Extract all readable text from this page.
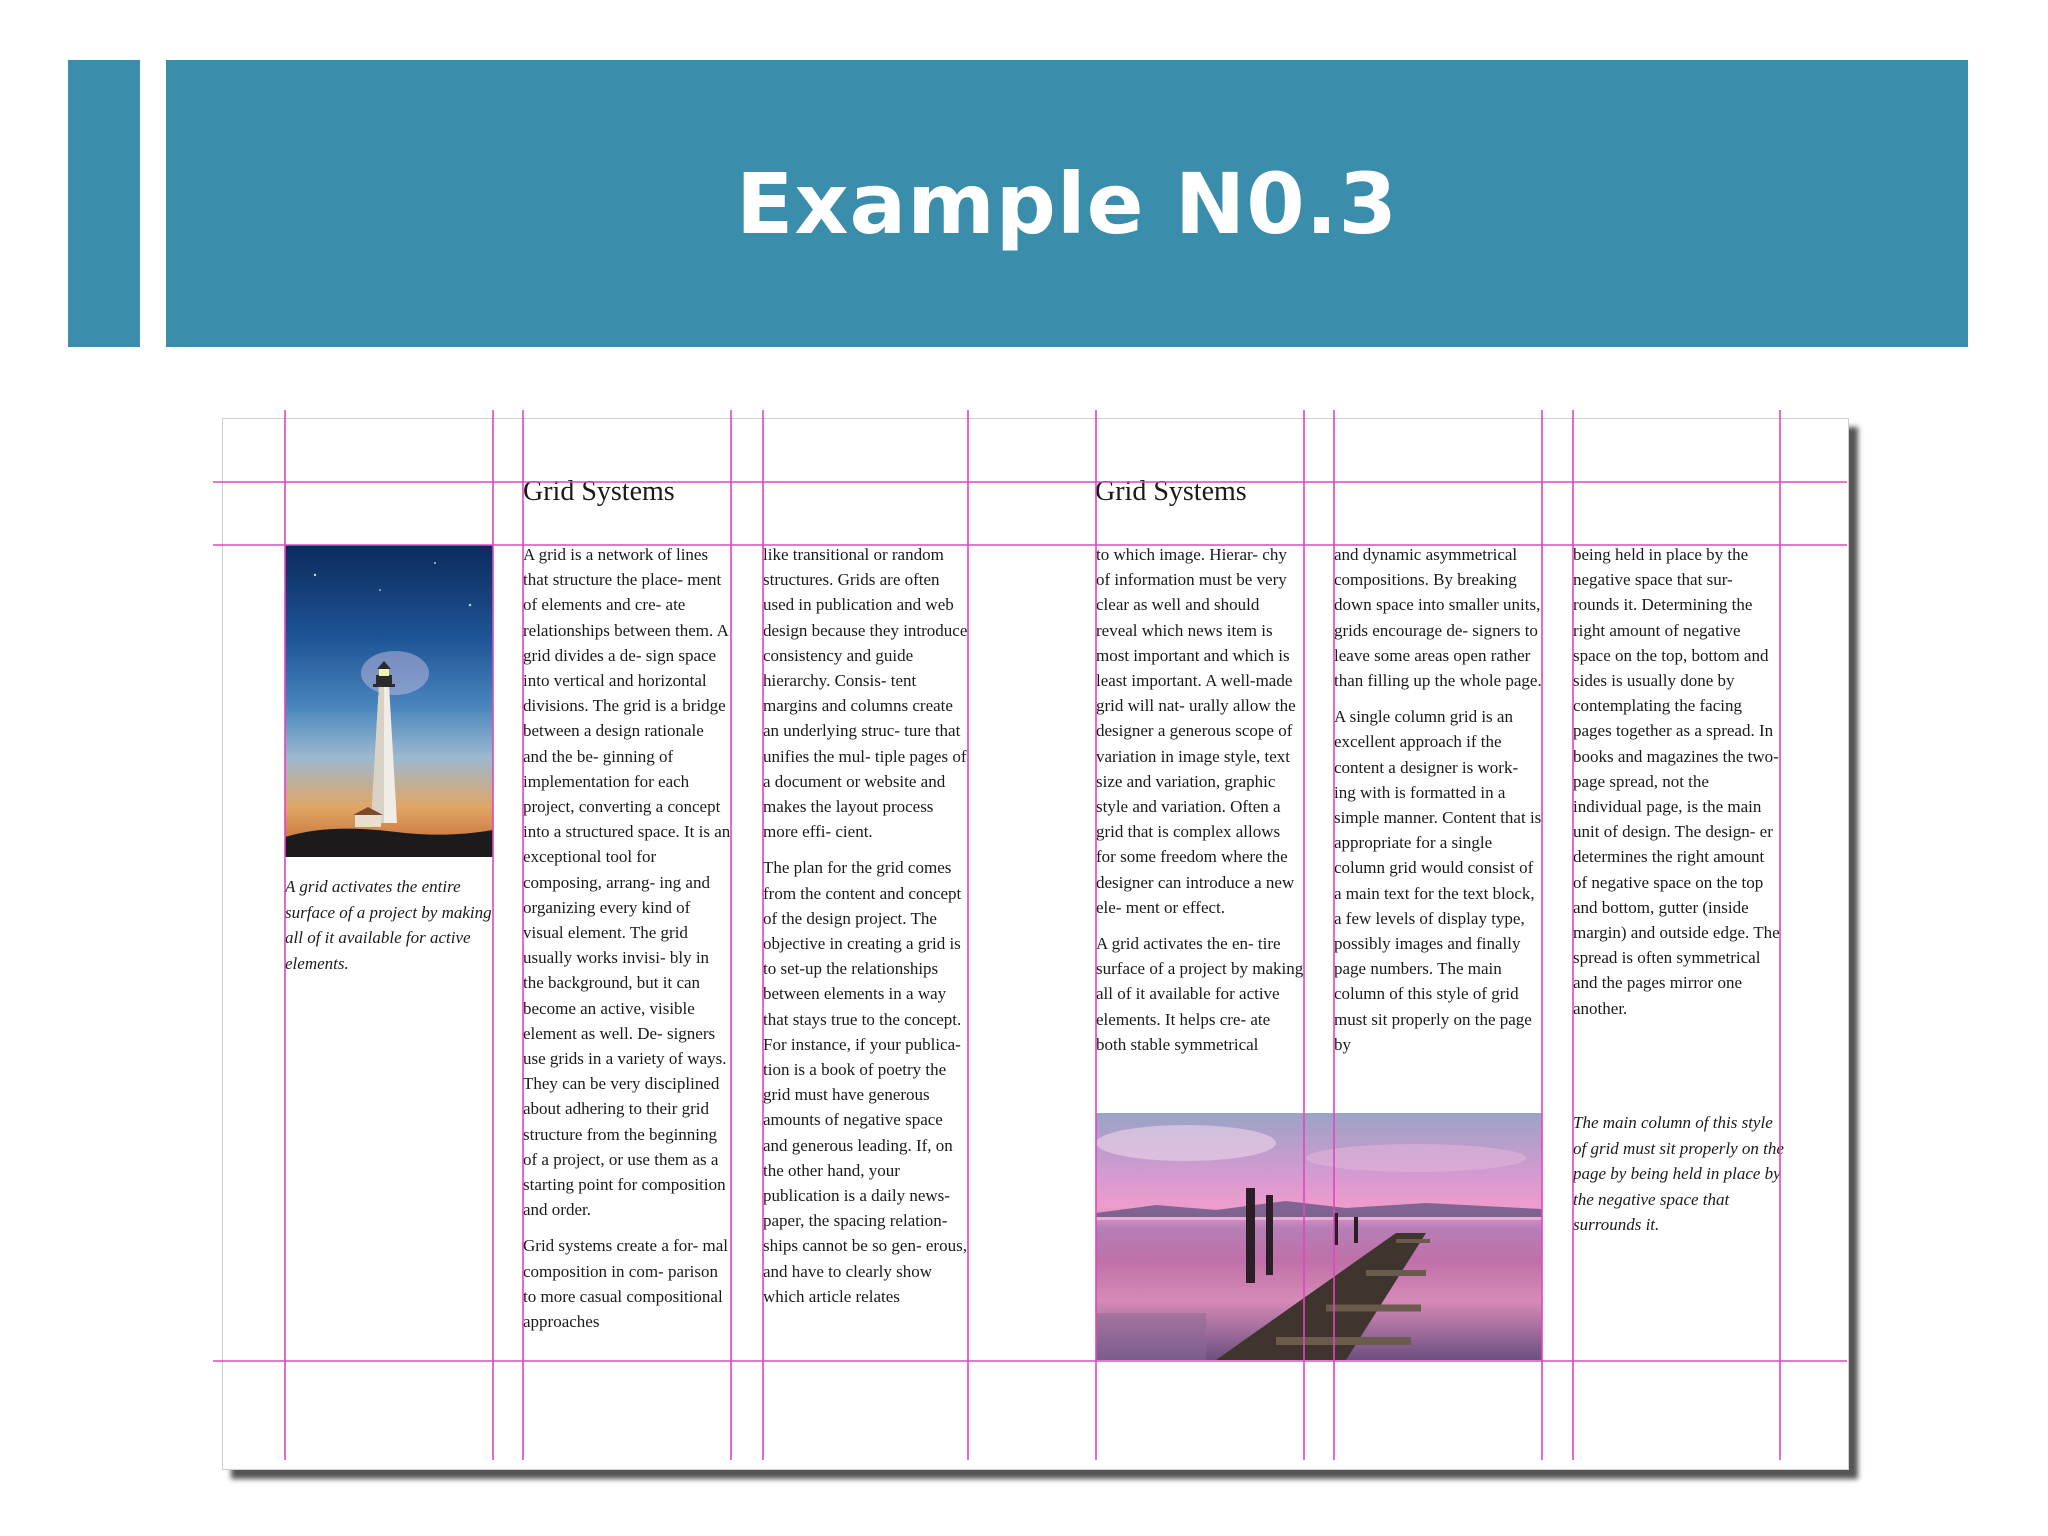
Example N0.3
Grid Systems
A grid activates the entire surface of a project by making all of it available for active elements.

A grid is a network of lines that structure the place- ment of elements and cre- ate relationships between them. A grid divides a de- sign space into vertical and horizontal divisions. The grid is a bridge between a design rationale and the be- ginning of implementation for each project, converting a concept into a structured space. It is an exceptional tool for composing, arrang- ing and organizing every kind of visual element. The grid usually works invisi- bly in the background, but it can become an active, visible element as well. De- signers use grids in a variety of ways. They can be very disciplined about adhering to their grid structure from the beginning of a project, or use them as a starting point for composition and order.

Grid systems create a for- mal composition in com- parison to more casual compositional approaches

like transitional or random structures. Grids are often used in publication and web design because they introduce consistency and guide hierarchy. Consis- tent margins and columns create an underlying struc- ture that unifies the mul- tiple pages of a document or website and makes the layout process more effi- cient.

The plan for the grid comes from the content and concept of the design project. The objective in creating a grid is to set-up the relationships between elements in a way that stays true to the concept. For instance, if your publica- tion is a book of poetry the grid must have generous amounts of negative space and generous leading. If, on the other hand, your publication is a daily news- paper, the spacing relation- ships cannot be so gen- erous, and have to clearly show which article relates

Grid Systems

to which image. Hierar- chy of information must be very clear as well and should reveal which news item is most important and which is least important. A well-made grid will nat- urally allow the designer a generous scope of variation in image style, text size and variation, graphic style and variation. Often a grid that is complex allows for some freedom where the designer can introduce a new ele- ment or effect.

A grid activates the en- tire surface of a project by making all of it available for active elements. It helps cre- ate both stable symmetrical

and dynamic asymmetrical compositions. By breaking down space into smaller units, grids encourage de- signers to leave some areas open rather than filling up the whole page.

A single column grid is an excellent approach if the content a designer is work- ing with is formatted in a simple manner. Content that is appropriate for a single column grid would consist of a main text for the text block, a few levels of display type, possibly images and finally page numbers. The main column of this style of grid must sit properly on the page by

being held in place by the negative space that sur- rounds it. Determining the right amount of negative space on the top, bottom and sides is usually done by contemplating the facing pages together as a spread. In books and magazines the two-page spread, not the individual page, is the main unit of design. The design- er determines the right amount of negative space on the top and bottom, gutter (inside margin) and outside edge. The spread is often symmetrical and the pages mirror one another.

The main column of this style of grid must sit properly on the page by being held in place by the negative space that surrounds it.
